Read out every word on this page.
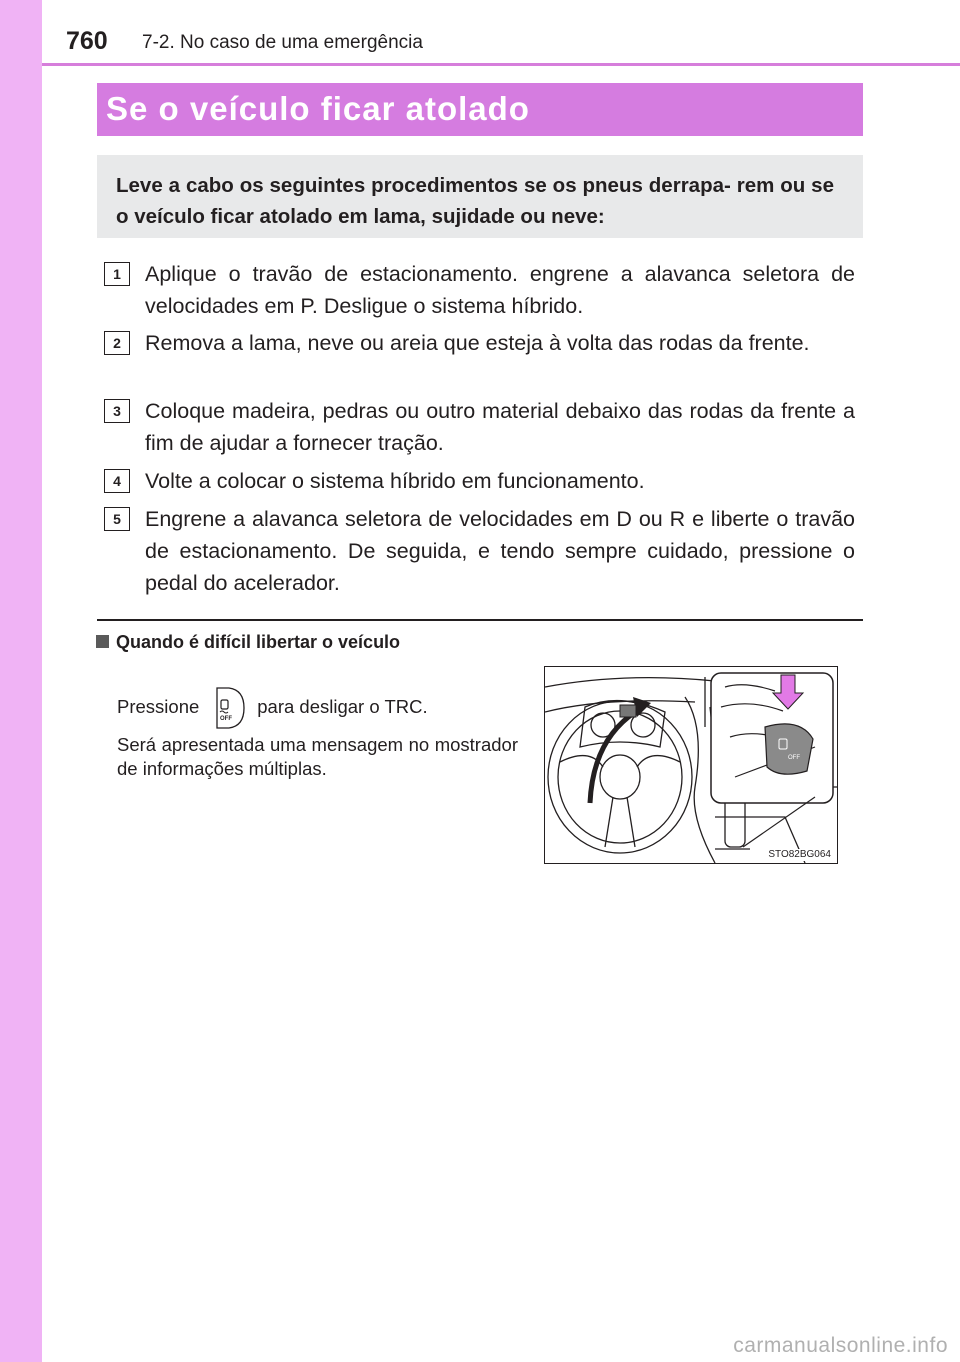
760 7-2. No caso de uma emergência
Se o veículo ficar atolado
Leve a cabo os seguintes procedimentos se os pneus derrapa- rem ou se o veículo ficar atolado em lama, sujidade ou neve:
1	Aplique o travão de estacionamento. engrene a alavanca seletora de velocidades em P. Desligue o sistema híbrido.
2	Remova a lama, neve ou areia que esteja à volta das rodas da frente.
3	Coloque madeira, pedras ou outro material debaixo das rodas da frente a fim de ajudar a fornecer tração.
4	Volte a colocar o sistema híbrido em funcionamento.
5	Engrene a alavanca seletora de velocidades em D ou R e liberte o travão de estacionamento. De seguida, e tendo sempre cuidado, pressione o pedal do acelerador.
Quando é difícil libertar o veículo
Pressione
OFF
para desligar o TRC.
Será apresentada uma mensagem no mostrador de informações múltiplas.	OFF
STO82BG064
carmanualsonline.info
